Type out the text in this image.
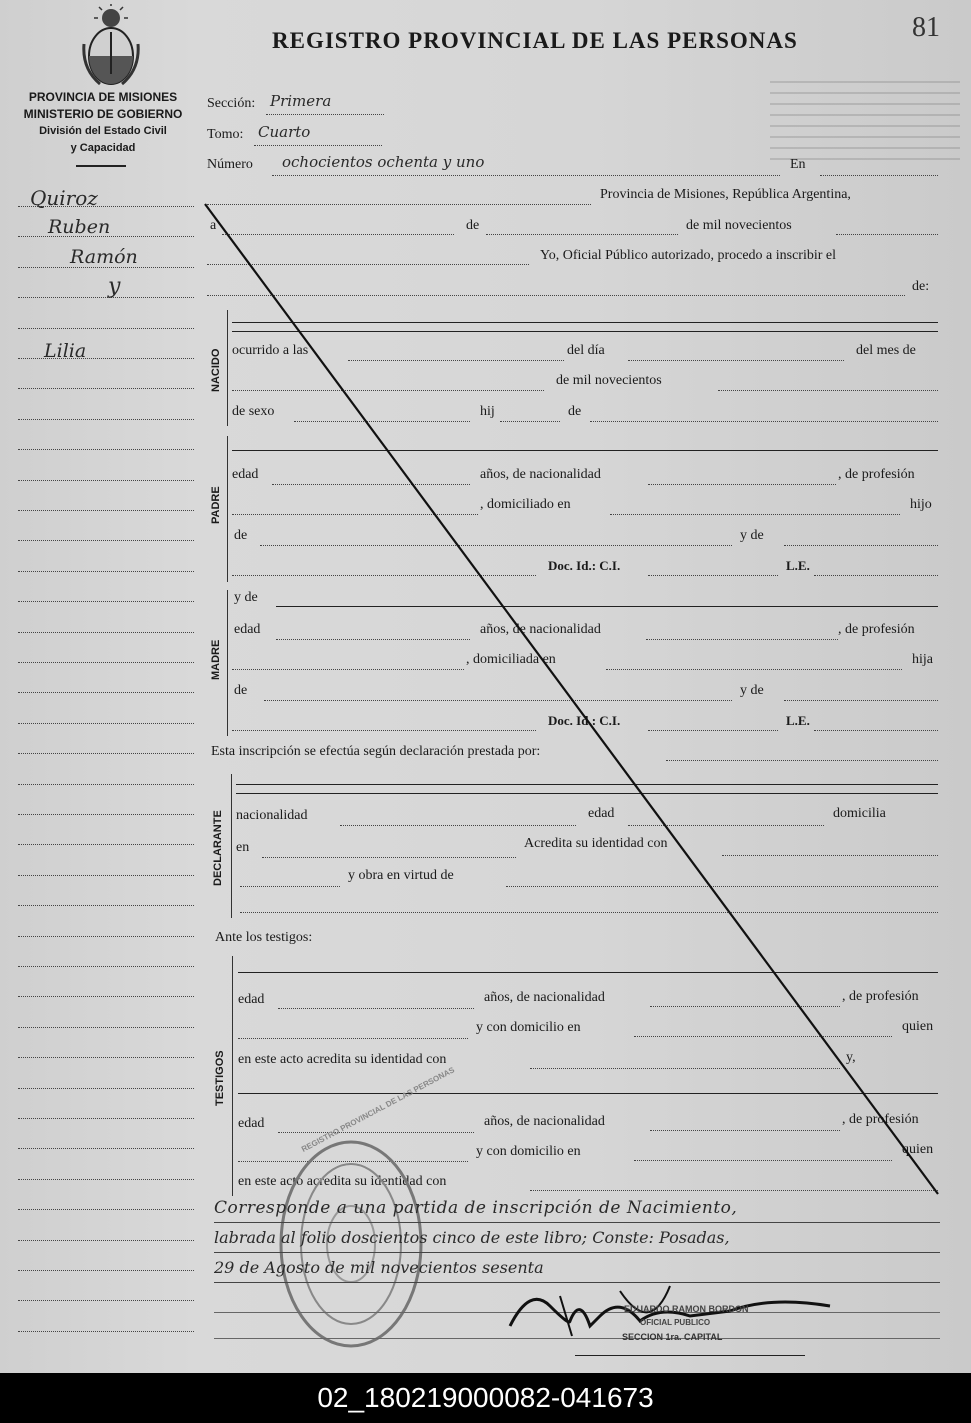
PROVINCIA DE MISIONES
MINISTERIO DE GOBIERNO
División del Estado Civil
y Capacidad
REGISTRO PROVINCIAL DE LAS PERSONAS	81
Quiroz
Ruben
Ramón
y
Lilia
Sección: Primera
Tomo: Cuarto
Número ochocientos ochenta y uno	En
Provincia de Misiones, República Argentina,
a	de	de mil novecientos
Yo, Oficial Público autorizado, procedo a inscribir el
de:
NACIDO ocurrido a las	del día	del mes de
de mil novecientos
de sexo	hij	de
PADRE
edad	años, de nacionalidad	, de profesión
, domiciliado en	hijo
de	y de
Doc. Id.: C.I.	L.E.
y de
MADRE
edad	años, de nacionalidad	, de profesión
, domiciliada en	hija
de	y de
Doc. Id.: C.I.	L.E.
Esta inscripción se efectúa según declaración prestada por:
DECLARANTE nacionalidad	edad	domicilia
en	Acredita su identidad con
y obra en virtud de
Ante los testigos:
TESTIGOS
edad	años, de nacionalidad	, de profesión
y con domicilio en	quien
en este acto acredita su identidad con	y,
edad	años, de nacionalidad	, de profesión
y con domicilio en	quien
en este acto acredita su identidad con
REGISTRO PROVINCIAL DE LAS PERSONAS
Corresponde a una partida de inscripción de Nacimiento,
labrada al folio doscientos cinco de este libro; Conste: Posadas,
29 de Agosto de mil novecientos sesenta
EDUARDO RAMON BORDON
OFICIAL PUBLICO
SECCION 1ra. CAPITAL
02_180219000082-041673
